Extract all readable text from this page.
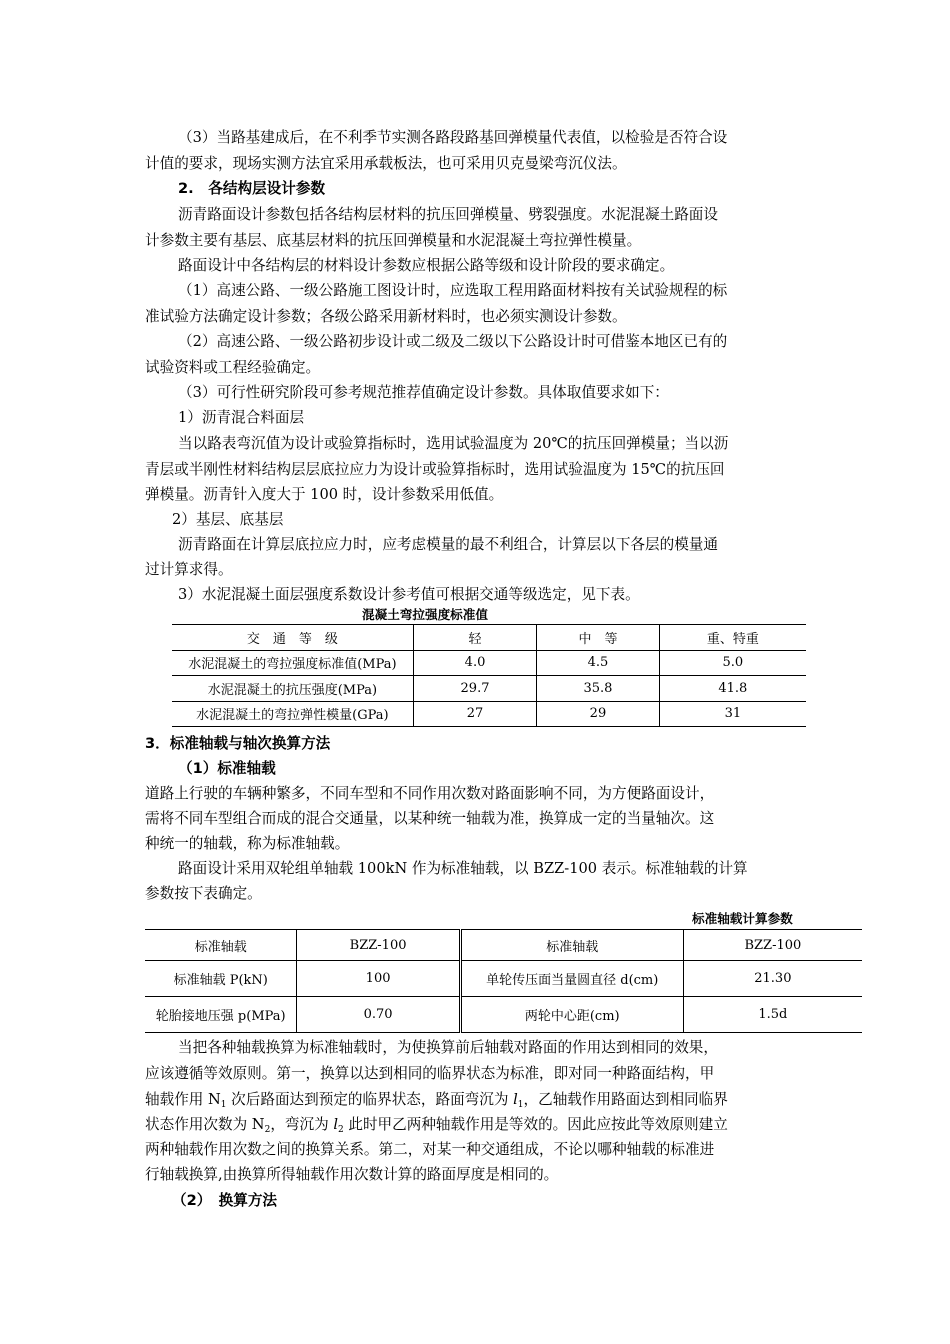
（3）当路基建成后，在不利季节实测各路段路基回弹模量代表值，以检验是否符合设
计值的要求，现场实测方法宜采用承载板法，也可采用贝克曼梁弯沉仪法。
2.　各结构层设计参数
沥青路面设计参数包括各结构层材料的抗压回弹模量、劈裂强度。水泥混凝土路面设
计参数主要有基层、底基层材料的抗压回弹模量和水泥混凝土弯拉弹性模量。
路面设计中各结构层的材料设计参数应根据公路等级和设计阶段的要求确定。
（1）高速公路、一级公路施工图设计时，应选取工程用路面材料按有关试验规程的标
准试验方法确定设计参数；各级公路采用新材料时，也必须实测设计参数。
（2）高速公路、一级公路初步设计或二级及二级以下公路设计时可借鉴本地区已有的
试验资料或工程经验确定。
（3）可行性研究阶段可参考规范推荐值确定设计参数。具体取值要求如下：
1）沥青混合料面层
当以路表弯沉值为设计或验算指标时，选用试验温度为 20℃的抗压回弹模量；当以沥
青层或半刚性材料结构层层底拉应力为设计或验算指标时，选用试验温度为 15℃的抗压回
弹模量。沥青针入度大于 100 时，设计参数采用低值。
2）基层、底基层
沥青路面在计算层底拉应力时，应考虑模量的最不利组合，计算层以下各层的模量通
过计算求得。
3）水泥混凝土面层强度系数设计参考值可根据交通等级选定，见下表。
混凝土弯拉强度标准值
交　通　等　级	轻	中　等	重、特重
水泥混凝土的弯拉强度标准值(MPa)	4.0	4.5	5.0
水泥混凝土的抗压强度(MPa)	29.7	35.8	41.8
水泥混凝土的弯拉弹性模量(GPa)	27	29	31
3．标准轴载与轴次换算方法
（1）标准轴载
道路上行驶的车辆种繁多，不同车型和不同作用次数对路面影响不同，为方便路面设计，
需将不同车型组合而成的混合交通量，以某种统一轴载为准，换算成一定的当量轴次。这
种统一的轴载，称为标准轴载。
路面设计采用双轮组单轴载 100kN 作为标准轴载，以 BZZ-100 表示。标准轴载的计算
参数按下表确定。
标准轴载计算参数
标准轴载	BZZ-100	标准轴载	BZZ-100
标准轴载 P(kN)	100	单轮传压面当量圆直径 d(cm)	21.30
轮胎接地压强 p(MPa)	0.70	两轮中心距(cm)	1.5d
当把各种轴载换算为标准轴载时，为使换算前后轴载对路面的作用达到相同的效果，
应该遵循等效原则。第一，换算以达到相同的临界状态为标准，即对同一种路面结构，甲
轴载作用 $N_1$ 次后路面达到预定的临界状态，路面弯沉为 $l_1$，乙轴载作用路面达到相同临界
状态作用次数为 $N_2$，弯沉为 $l_2$ 此时甲乙两种轴载作用是等效的。因此应按此等效原则建立
两种轴载作用次数之间的换算关系。第二，对某一种交通组成，不论以哪种轴载的标准进
行轴载换算,由换算所得轴载作用次数计算的路面厚度是相同的。
（2）　换算方法
